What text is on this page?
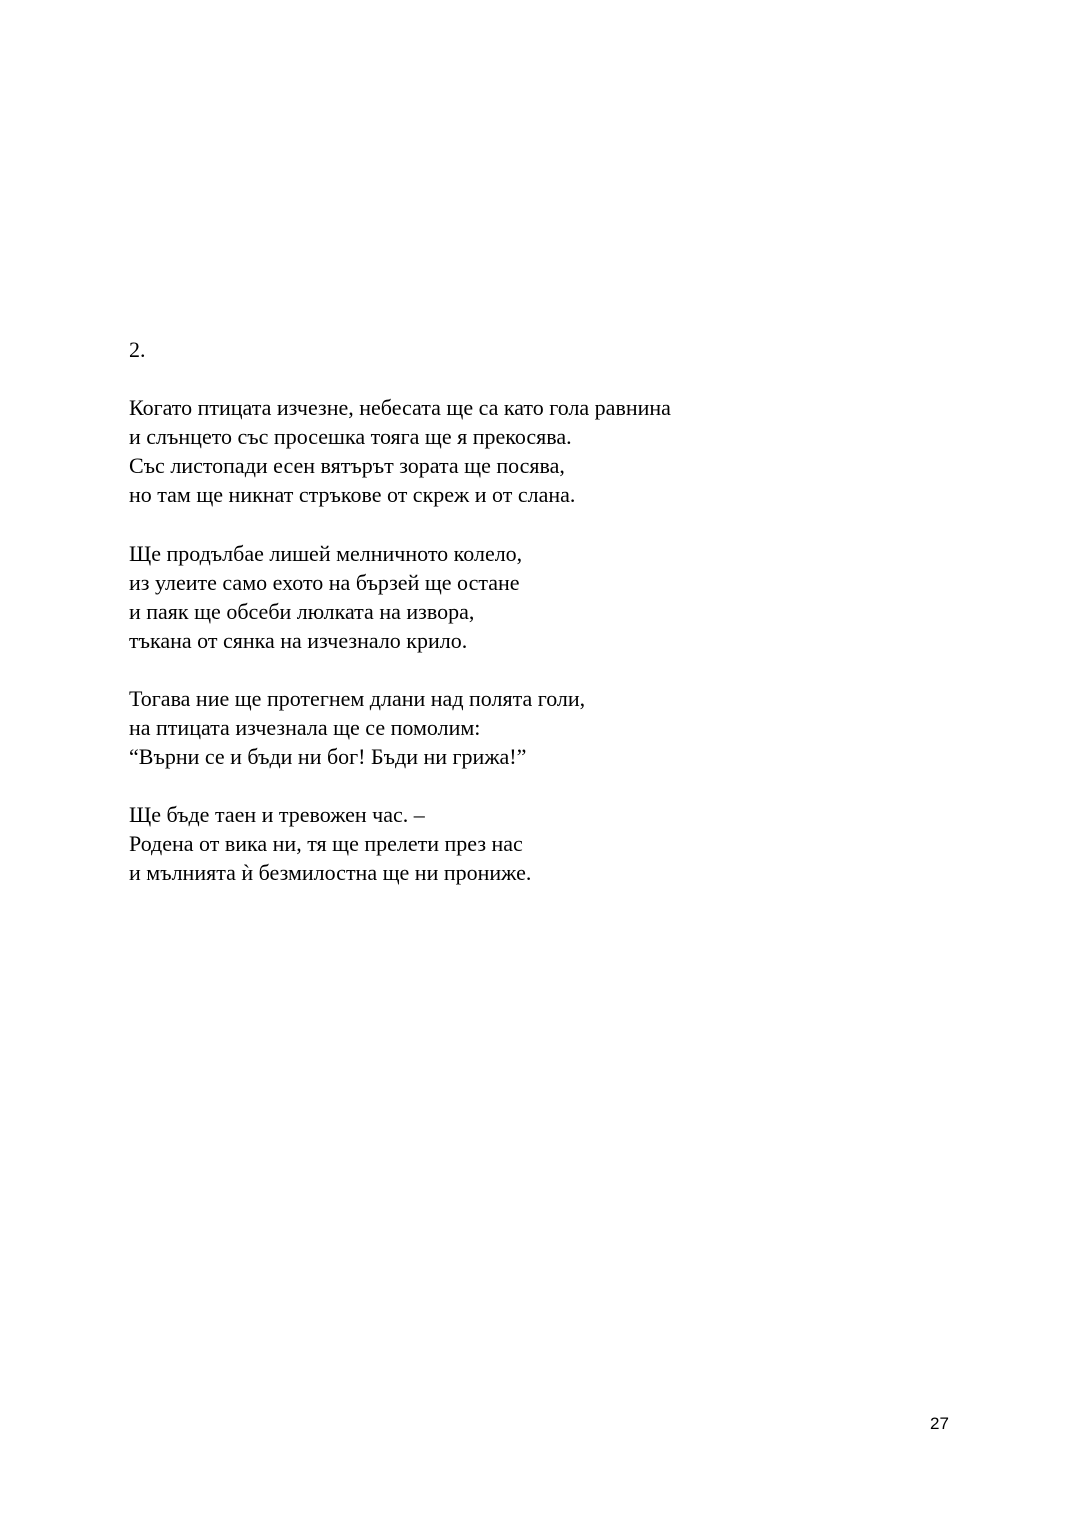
2.
Когато птицата изчезне, небесата ще са като гола равнина
и слънцето със просешка тояга ще я прекосява.
Със листопади есен вятърът зората ще посява,
но там ще никнат стръкове от скреж и от слана.
Ще продълбае лишей мелничното колело,
из улеите само ехото на бързей ще остане
и паяк ще обсеби люлката на извора,
тъкана от сянка на изчезнало крило.
Тогава ние ще протегнем длани над полята голи,
на птицата изчезнала ще се помолим:
“Върни се и бъди ни бог! Бъди ни грижа!”
Ще бъде таен и тревожен час. –
Родена от вика ни, тя ще прелети през нас
и мълнията ѝ безмилостна ще ни прониже.
27
